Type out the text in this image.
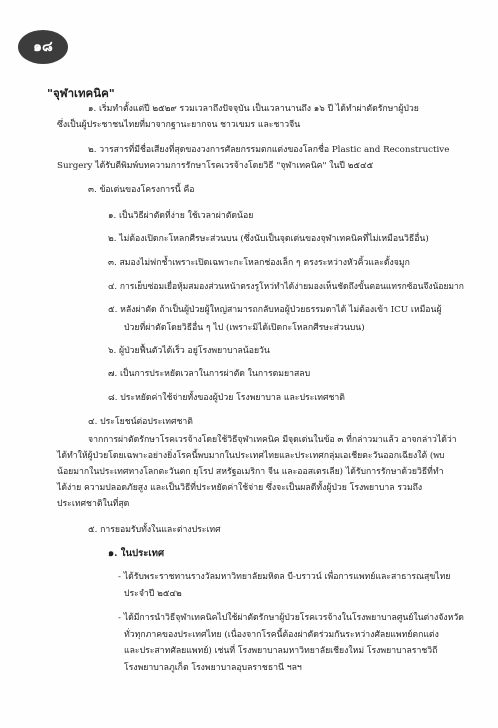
๑๘
"จุฬาเทคนิค"
๑. เริ่มทำตั้งแต่ปี ๒๕๒๙ รวมเวลาถึงปัจจุบัน เป็นเวลานานถึง ๑๖ ปี ได้ทำผ่าตัดรักษาผู้ป่วย
ซึ่งเป็นผู้ประชาชนไทยที่มาจากฐานะยากจน ชาวเขมร และชาวจีน
๒. วารสารที่มีชื่อเสียงที่สุดของวงการศัลยกรรมตกแต่งของโลกชื่อ Plastic and Reconstructive
Surgery ได้รับตีพิมพ์บทความการรักษาโรคเวรจ้างโดยวิธี "จุฬาเทคนิค" ในปี ๒๕๔๕
๓. ข้อเด่นของโครงการนี้ คือ
๑. เป็นวิธีผ่าตัดที่ง่าย ใช้เวลาผ่าตัดน้อย
๒. ไม่ต้องเปิดกะโหลกศีรษะส่วนบน (ซึ่งนับเป็นจุดเด่นของจุฬาเทคนิคที่ไม่เหมือนวิธีอื่น)
๓. สมองไม่ฟกช้ำเพราะเปิดเฉพาะกะโหลกช่องเล็ก ๆ ตรงระหว่างหัวคิ้วและดั้งจมูก
๔. การเย็บซ่อมเยื่อหุ้มสมองส่วนหน้าตรงรูโหว่ทำได้ง่ายมองเห็นชัดถึงขั้นตอนแทรกซ้อนจึงน้อยมาก
๕. หลังผ่าตัด ถ้าเป็นผู้ป่วยผู้ใหญ่สามารถกลับหอผู้ป่วยธรรมดาได้ ไม่ต้องเข้า ICU เหมือนผู้
ป่วยที่ผ่าตัดโดยวิธีอื่น ๆ ไป (เพราะมิได้เปิดกะโหลกศีรษะส่วนบน)
๖. ผู้ป่วยฟื้นตัวได้เร็ว อยู่โรงพยาบาลน้อยวัน
๗. เป็นการประหยัดเวลาในการผ่าตัด ในการดมยาสลบ
๘. ประหยัดค่าใช้จ่ายทั้งของผู้ป่วย โรงพยาบาล และประเทศชาติ
๔. ประโยชน์ต่อประเทศชาติ
จากการผ่าตัดรักษาโรคเวรจ้างโดยใช้วิธีจุฬาเทคนิค มีจุดเด่นในข้อ ๓ ที่กล่าวมาแล้ว อาจกล่าวได้ว่า
ได้ทำให้ผู้ป่วยโดยเฉพาะอย่างยิ่งโรคนี้พบมากในประเทศไทยและประเทศกลุ่มเอเชียตะวันออกเฉียงใต้ (พบ
น้อยมากในประเทศทางโลกตะวันตก ยุโรป สหรัฐอเมริกา จีน และออสเตรเลีย) ได้รับการรักษาด้วยวิธีที่ทำ
ได้ง่าย ความปลอดภัยสูง และเป็นวิธีที่ประหยัดค่าใช้จ่าย ซึ่งจะเป็นผลดีทั้งผู้ป่วย โรงพยาบาล รวมถึง
ประเทศชาติในที่สุด
๕. การยอมรับทั้งในและต่างประเทศ
๑. ในประเทศ
- ได้รับพระราชทานรางวัลมหาวิทยาลัยมหิดล บี-บราวน์ เพื่อการแพทย์และสาธารณสุขไทย
ประจำปี ๒๕๔๒
- ได้มีการนำวิธีจุฬาเทคนิคไปใช้ผ่าตัดรักษาผู้ป่วยโรคเวรจ้างในโรงพยาบาลศูนย์ในต่างจังหวัด
ทั่วทุกภาคของประเทศไทย (เนื่องจากโรคนี้ต้องผ่าตัดร่วมกันระหว่างศัลยแพทย์ตกแต่ง
และประสาทศัลยแพทย์) เช่นที่ โรงพยาบาลมหาวิทยาลัยเชียงใหม่ โรงพยาบาลราชวิถี
โรงพยาบาลภูเก็ต โรงพยาบาลอุบลราชธานี ฯลฯ
